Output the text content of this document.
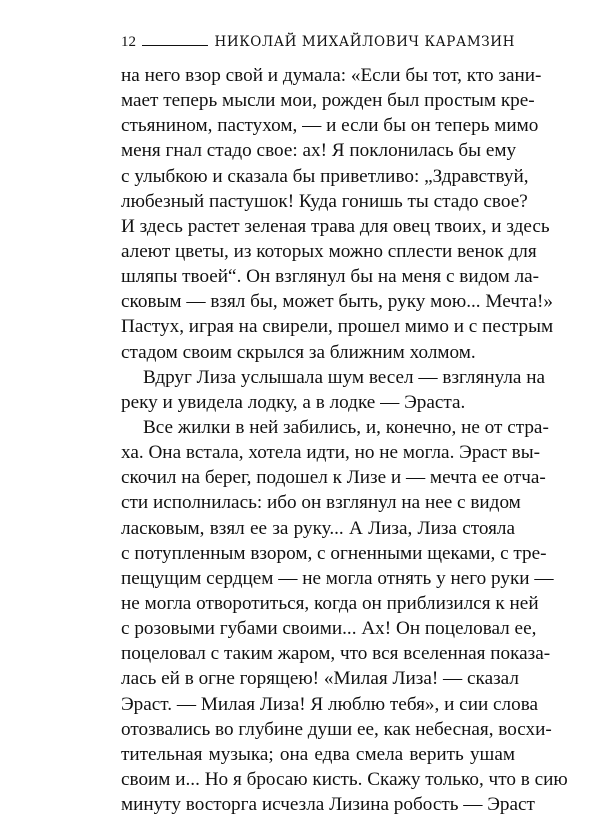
12	НИКОЛАЙ МИХАЙЛОВИЧ КАРАМЗИН
на него взор свой и думала: «Если бы тот, кто зани-
мает теперь мысли мои, рожден был простым кре-
стьянином, пастухом, — и если бы он теперь мимо
меня гнал стадо свое: ах! Я поклонилась бы ему
с улыбкою и сказала бы приветливо: „Здравствуй,
любезный пастушок! Куда гонишь ты стадо свое?
И здесь растет зеленая трава для овец твоих, и здесь
алеют цветы, из которых можно сплести венок для
шляпы твоей“. Он взглянул бы на меня с видом ла-
сковым — взял бы, может быть, руку мою... Мечта!»
Пастух, играя на свирели, прошел мимо и с пестрым
стадом своим скрылся за ближним холмом.
Вдруг Лиза услышала шум весел — взглянула на
реку и увидела лодку, а в лодке — Эраста.
Все жилки в ней забились, и, конечно, не от стра-
ха. Она встала, хотела идти, но не могла. Эраст вы-
скочил на берег, подошел к Лизе и — мечта ее отча-
сти исполнилась: ибо он взглянул на нее с видом
ласковым, взял ее за руку... А Лиза, Лиза стояла
с потупленным взором, с огненными щеками, с тре-
пещущим сердцем — не могла отнять у него руки —
не могла отворотиться, когда он приблизился к ней
с розовыми губами своими... Ах! Он поцеловал ее,
поцеловал с таким жаром, что вся вселенная показа-
лась ей в огне горящею! «Милая Лиза! — сказал
Эраст. — Милая Лиза! Я люблю тебя», и сии слова
отозвались во глубине души ее, как небесная, восхи-
тительная музыка; она едва смела верить ушам
своим и... Но я бросаю кисть. Скажу только, что в сию
минуту восторга исчезла Лизина робость — Эраст
